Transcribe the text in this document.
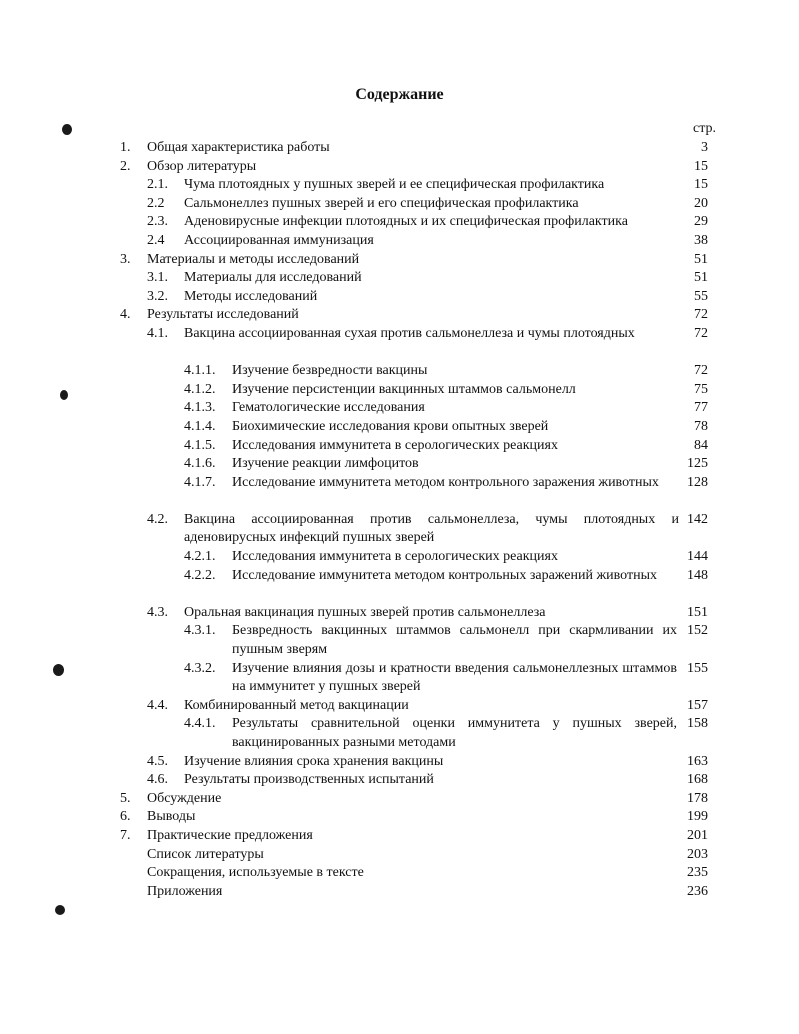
Содержание
стр.
1. Общая характеристика работы	3
2. Обзор литературы	15
2.1. Чума плотоядных у пушных зверей и ее специфическая профилактика	15
2.2 Сальмонеллез пушных зверей и его специфическая профилактика	20
2.3. Аденовирусные инфекции плотоядных и их специфическая профилактика	29
2.4 Ассоциированная иммунизация	38
3. Материалы и методы исследований	51
3.1. Материалы для исследований	51
3.2. Методы исследований	55
4. Результаты исследований	72
4.1. Вакцина ассоциированная сухая против сальмонеллеза и чумы плотоядных	72
4.1.1. Изучение безвредности вакцины	72
4.1.2. Изучение персистенции вакцинных штаммов сальмонелл	75
4.1.3. Гематологические исследования	77
4.1.4. Биохимические исследования крови опытных зверей	78
4.1.5. Исследования иммунитета в серологических реакциях	84
4.1.6. Изучение реакции лимфоцитов	125
4.1.7. Исследование иммунитета методом контрольного заражения животных	128
4.2. Вакцина ассоциированная против сальмонеллеза, чумы плотоядных и аденовирусных инфекций пушных зверей
142
4.2.1. Исследования иммунитета в серологических реакциях	144
4.2.2. Исследование иммунитета методом контрольных заражений животных	148
4.3. Оральная вакцинация пушных зверей против сальмонеллеза	151
4.3.1. Безвредность вакцинных штаммов сальмонелл при скармливании их пушным зверям
152
4.3.2. Изучение влияния дозы и кратности введения сальмонеллезных штаммов на иммунитет у пушных зверей
155
4.4. Комбинированный метод вакцинации	157
4.4.1. Результаты сравнительной оценки иммунитета у пушных зверей, вакцинированных разными методами
158
4.5. Изучение влияния срока хранения вакцины	163
4.6. Результаты производственных испытаний	168
5. Обсуждение	178
6. Выводы	199
7. Практические предложения	201
Список литературы	203
Сокращения, используемые в тексте	235
Приложения	236
